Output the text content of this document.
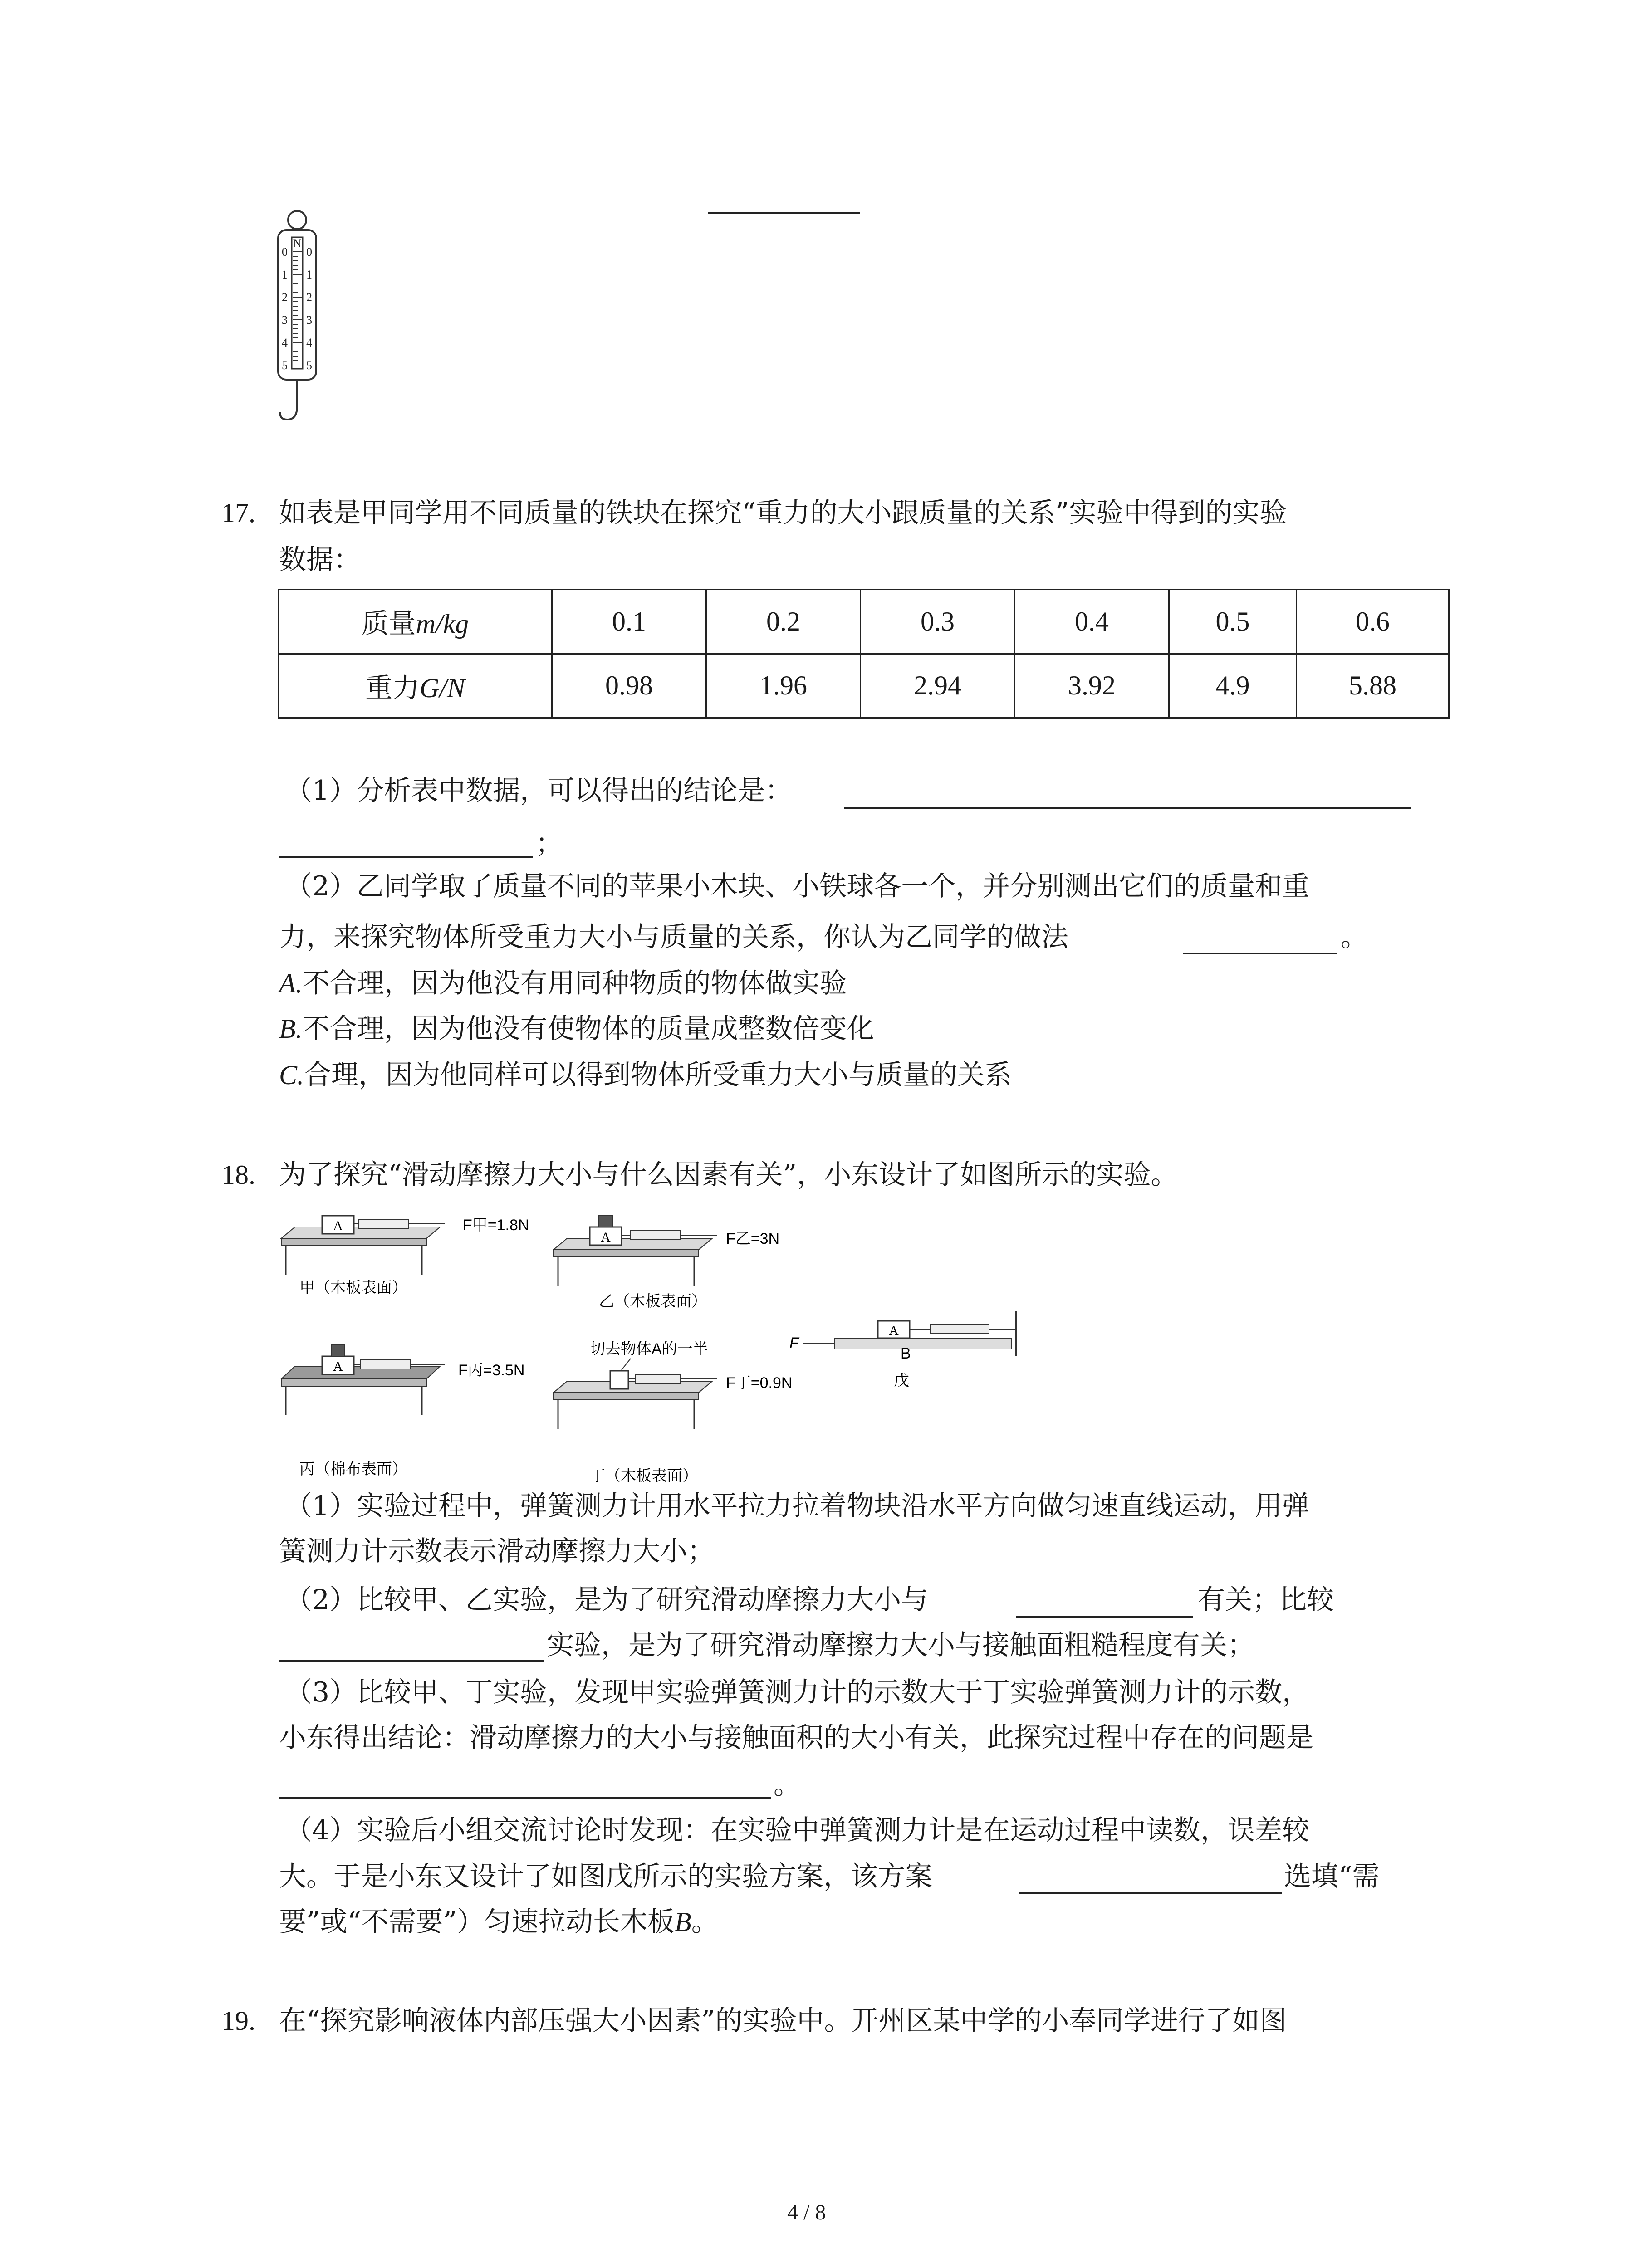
N
0 0
1 1
2 2
3 3
4 4
5 5
17. 如表是甲同学用不同质量的铁块在探究“重力的大小跟质量的关系”实验中得到的实验
数据：
质量m/kg	0.1	0.2	0.3	0.4	0.5	0.6
重力G/N	0.98	1.96	2.94	3.92	4.9	5.88
（1）分析表中数据，可以得出的结论是：
；
（2）乙同学取了质量不同的苹果小木块、小铁球各一个，并分别测出它们的质量和重
力，来探究物体所受重力大小与质量的关系，你认为乙同学的做法	。
A.不合理，因为他没有用同种物质的物体做实验
B.不合理，因为他没有使物体的质量成整数倍变化
C.合理，因为他同样可以得到物体所受重力大小与质量的关系
18. 为了探究“滑动摩擦力大小与什么因素有关”，小东设计了如图所示的实验。
A	F甲=1.8N
甲（木板表面）
A	F乙=3N
乙（木板表面）
A	F丙=3.5N
丙（棉布表面）
切去物体A的一半
F丁=0.9N
丁（木板表面）
A
F
B
戊
（1）实验过程中，弹簧测力计用水平拉力拉着物块沿水平方向做匀速直线运动，用弹
簧测力计示数表示滑动摩擦力大小；
（2）比较甲、乙实验，是为了研究滑动摩擦力大小与	有关；比较
实验，是为了研究滑动摩擦力大小与接触面粗糙程度有关；
（3）比较甲、丁实验，发现甲实验弹簧测力计的示数大于丁实验弹簧测力计的示数，
小东得出结论：滑动摩擦力的大小与接触面积的大小有关，此探究过程中存在的问题是
。
（4）实验后小组交流讨论时发现：在实验中弹簧测力计是在运动过程中读数，误差较
大。于是小东又设计了如图戊所示的实验方案，该方案	选填“需
要”或“不需要”）匀速拉动长木板B。
19. 在“探究影响液体内部压强大小因素”的实验中。开州区某中学的小奉同学进行了如图
4 / 8
